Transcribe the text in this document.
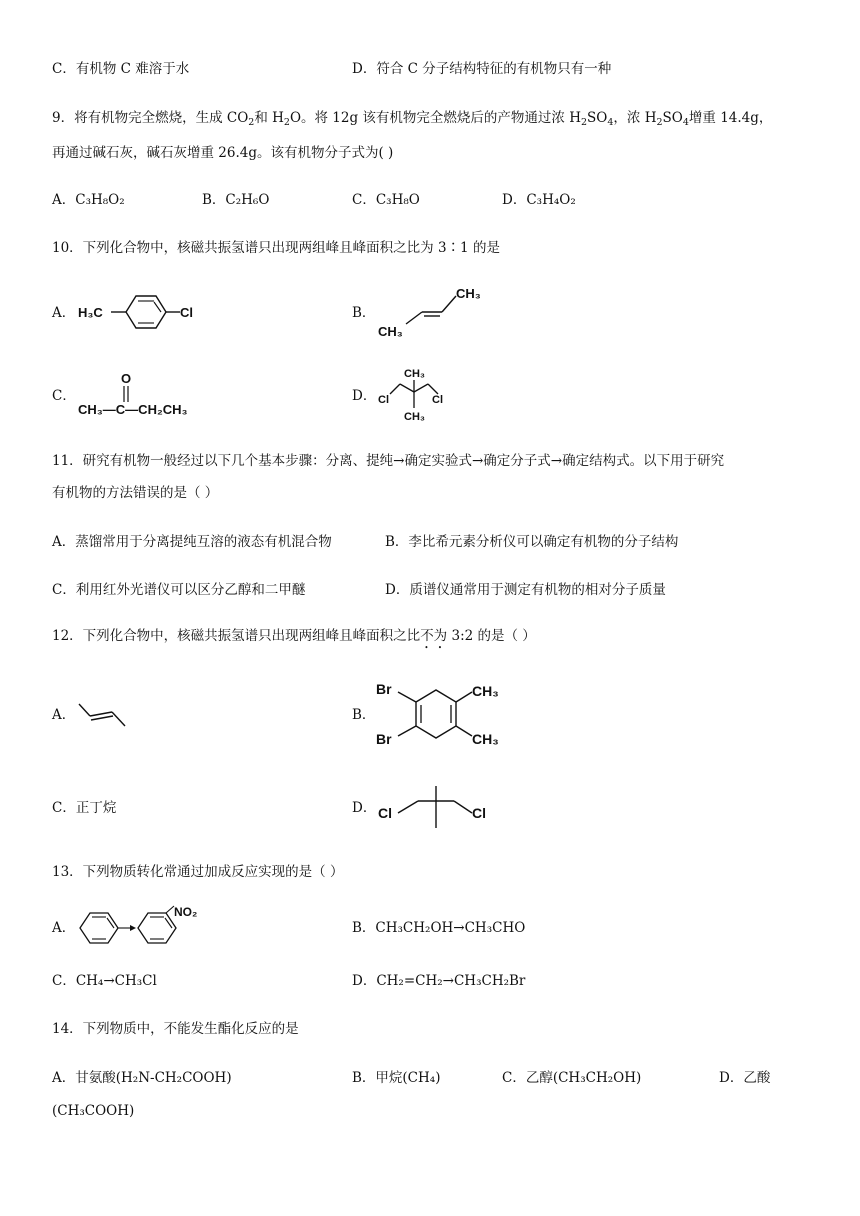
C．有机物 C 难溶于水	D．符合 C 分子结构特征的有机物只有一种
9．将有机物完全燃烧，生成 $CO_2$和 $H_2O$。将 12g 该有机物完全燃烧后的产物通过浓 $H_2SO_4$，浓 $H_2SO_4$增重 14.4g，
再通过碱石灰，碱石灰增重 26.4g。该有机物分子式为( )
A．C₃H₈O₂	B．C₂H₆O	C．C₃H₈O	D．C₃H₄O₂
10．下列化合物中，核磁共振氢谱只出现两组峰且峰面积之比为 3∶1 的是
A． H₃C	Cl	B．
CH₃
CH₃
C．
O
CH₃—C—CH₂CH₃
D．
CH₃
CH₃
Cl	Cl
11．研究有机物一般经过以下几个基本步骤：分离、提纯→确定实验式→确定分子式→确定结构式。以下用于研究
有机物的方法错误的是（ ）
A．蒸馏常用于分离提纯互溶的液态有机混合物	B．李比希元素分析仪可以确定有机物的分子结构
C．利用红外光谱仪可以区分乙醇和二甲醚	D．质谱仪通常用于测定有机物的相对分子质量
12．下列化合物中，核磁共振氢谱只出现两组峰且峰面积之比不为 3:2 的是（ ）
A．	B．
Br
Br
CH₃
CH₃
C．正丁烷	D． Cl	Cl
13．下列物质转化常通过加成反应实现的是（ ）
A．
NO₂
B．CH₃CH₂OH→CH₃CHO
C．CH₄→CH₃Cl	D．CH₂=CH₂→CH₃CH₂Br
14．下列物质中，不能发生酯化反应的是
A．甘氨酸(H₂N-CH₂COOH)	B．甲烷(CH₄)	C．乙醇(CH₃CH₂OH)	D．乙酸
(CH₃COOH)
